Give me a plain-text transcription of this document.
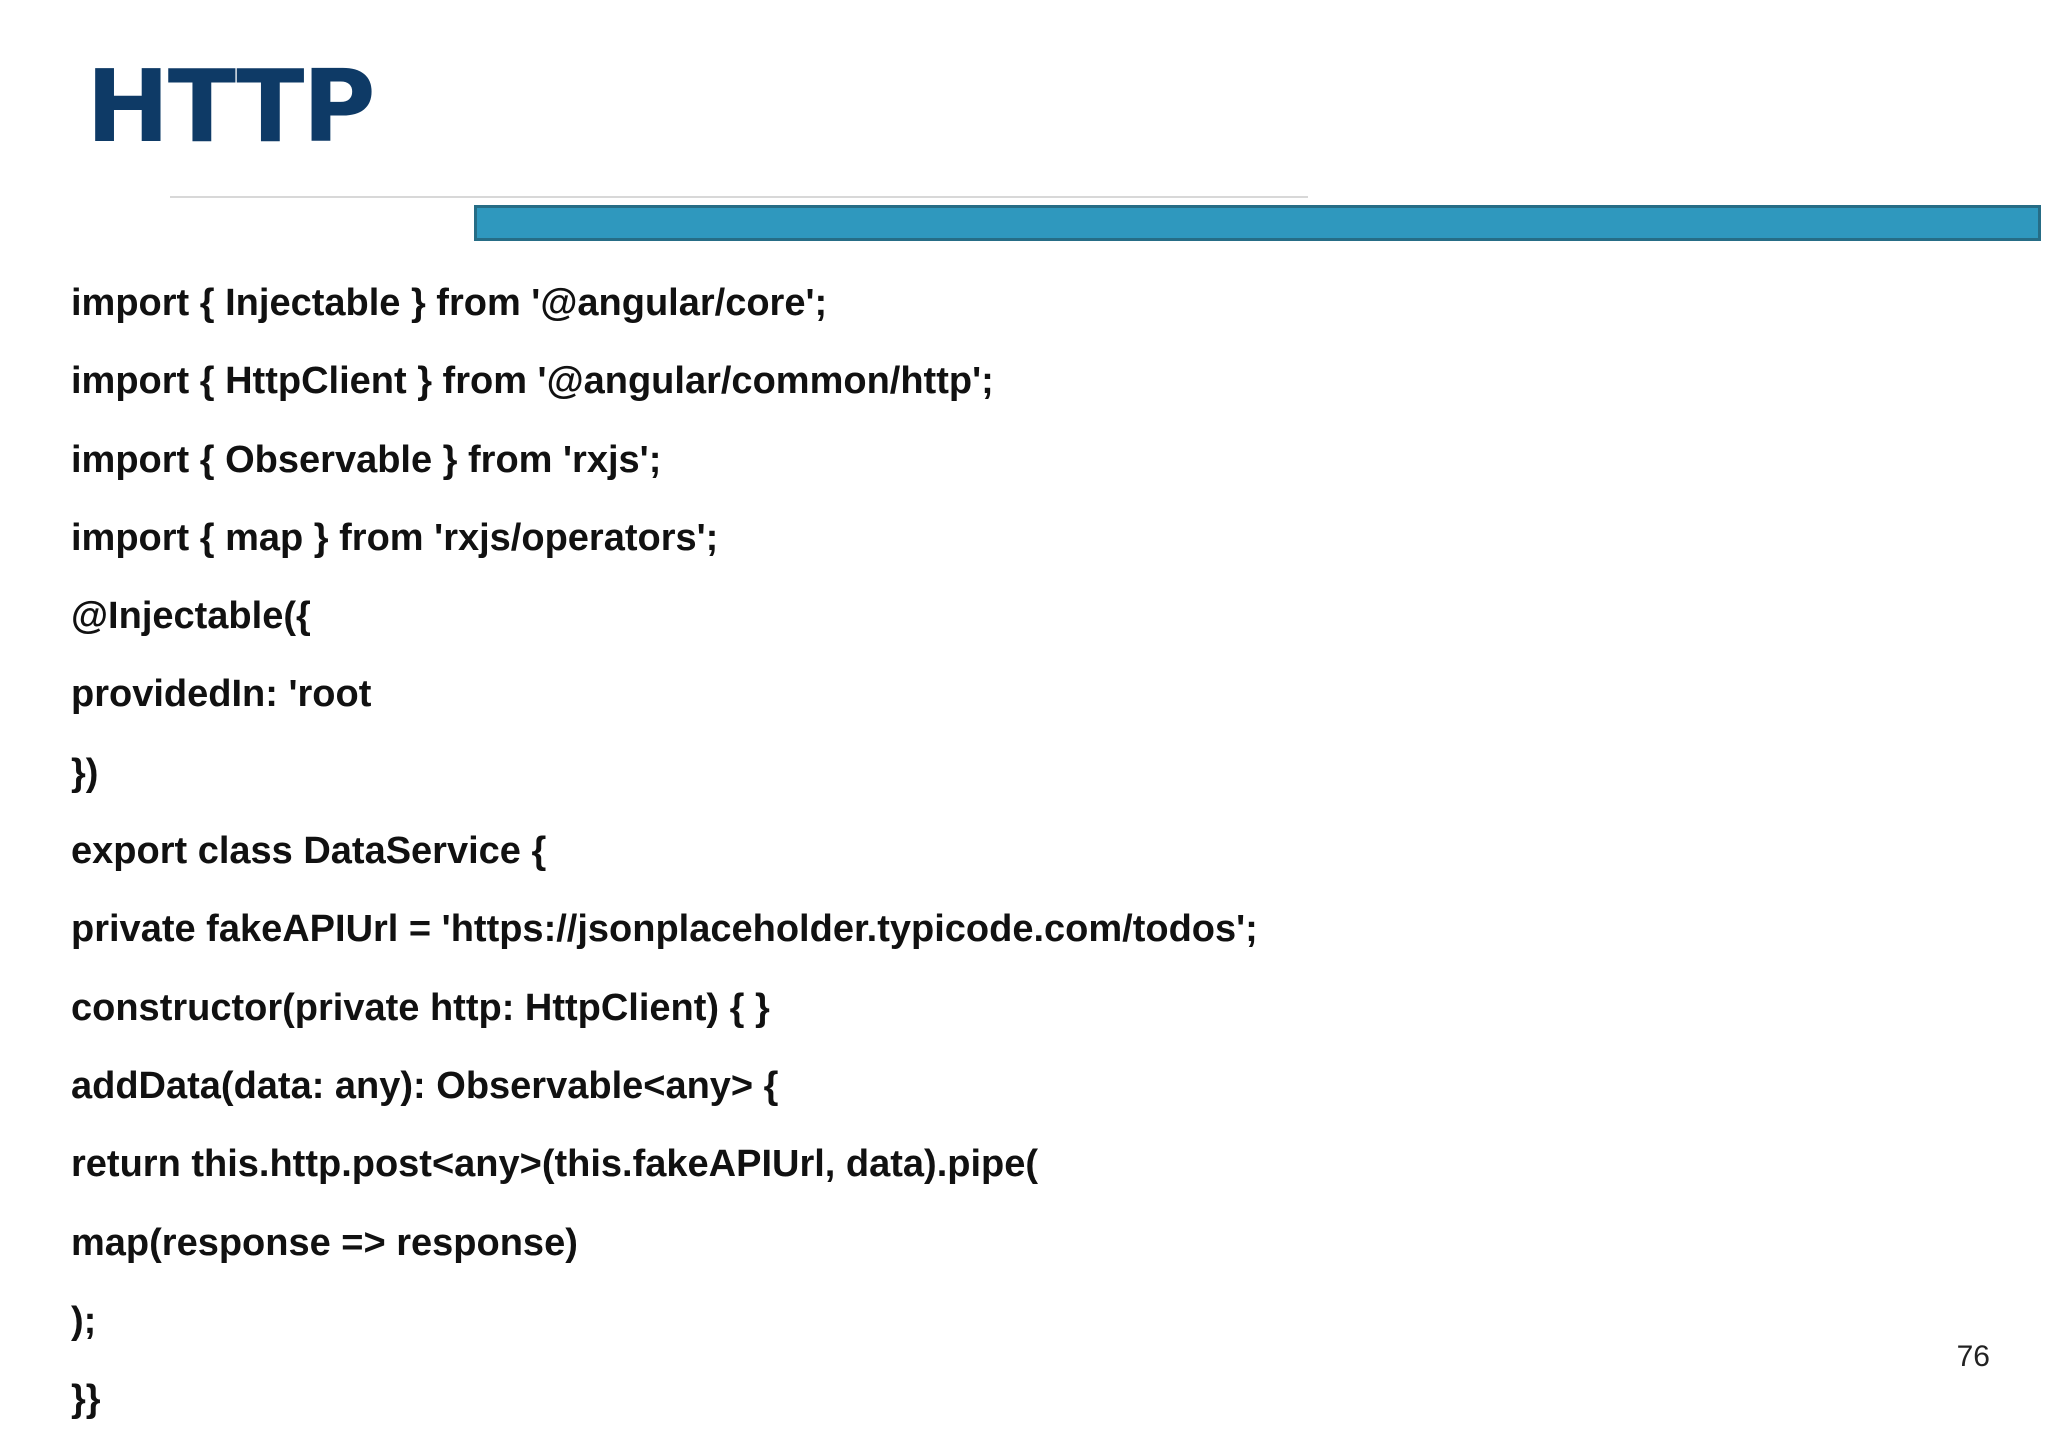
HTTP
import { Injectable } from '@angular/core';
import { HttpClient } from '@angular/common/http';
import { Observable } from 'rxjs';
import { map } from 'rxjs/operators';
@Injectable({
providedIn: 'root
})
export class DataService {
private fakeAPIUrl = 'https://jsonplaceholder.typicode.com/todos';
constructor(private http: HttpClient) { }
addData(data: any): Observable<any> {
return this.http.post<any>(this.fakeAPIUrl, data).pipe(
map(response => response)
);
}}
76
